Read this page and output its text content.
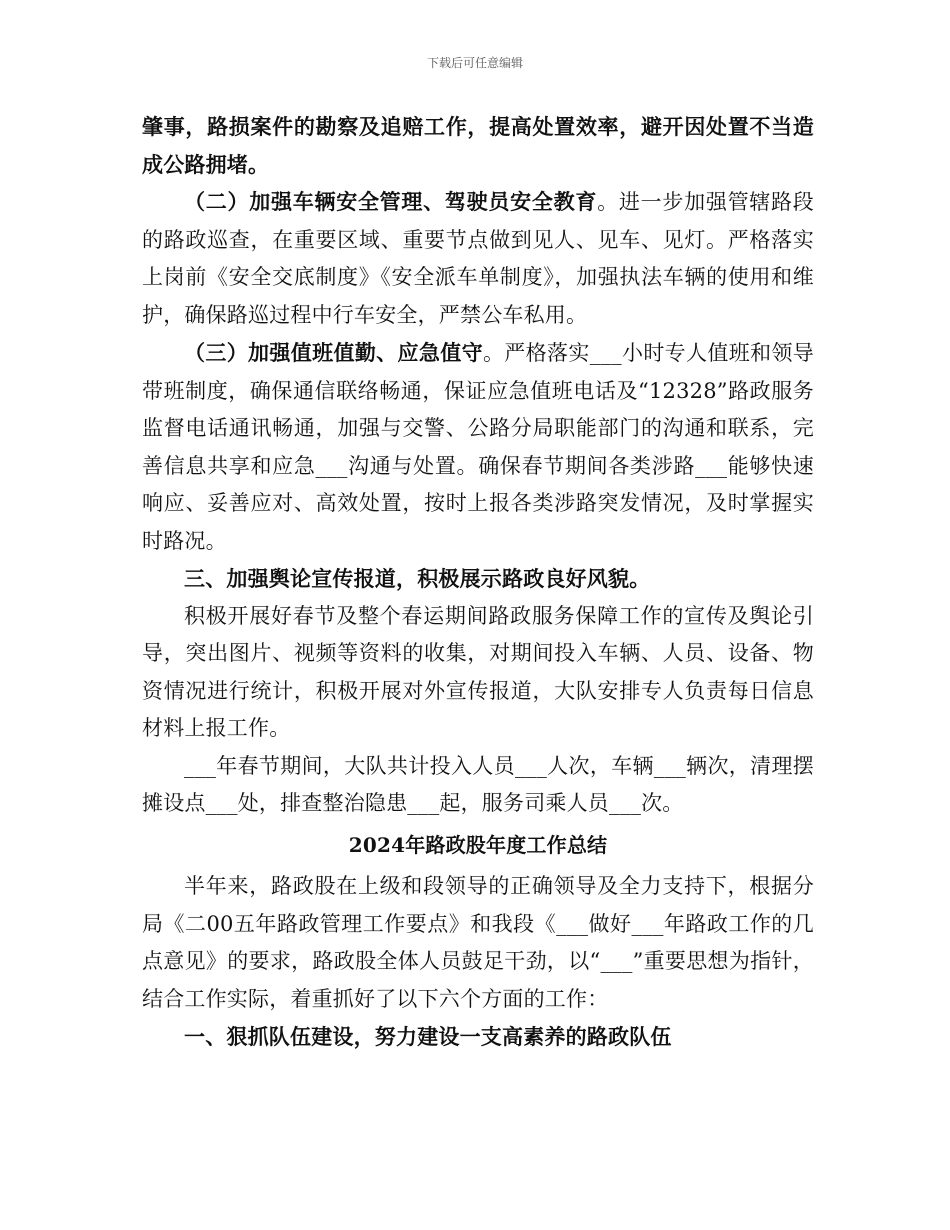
下载后可任意编辑

肇事，路损案件的勘察及追赔工作，提高处置效率，避开因处置不当造成公路拥堵。

（二）加强车辆安全管理、驾驶员安全教育。进一步加强管辖路段的路政巡查，在重要区域、重要节点做到见人、见车、见灯。严格落实上岗前《安全交底制度》《安全派车单制度》，加强执法车辆的使用和维护，确保路巡过程中行车安全，严禁公车私用。

（三）加强值班值勤、应急值守。严格落实___小时专人值班和领导带班制度，确保通信联络畅通，保证应急值班电话及“12328”路政服务监督电话通讯畅通，加强与交警、公路分局职能部门的沟通和联系，完善信息共享和应急___沟通与处置。确保春节期间各类涉路___能够快速响应、妥善应对、高效处置，按时上报各类涉路突发情况，及时掌握实时路况。

三、加强舆论宣传报道，积极展示路政良好风貌。

积极开展好春节及整个春运期间路政服务保障工作的宣传及舆论引导，突出图片、视频等资料的收集，对期间投入车辆、人员、设备、物资情况进行统计，积极开展对外宣传报道，大队安排专人负责每日信息材料上报工作。

___年春节期间，大队共计投入人员___人次，车辆___辆次，清理摆摊设点___处，排查整治隐患___起，服务司乘人员___次。

2024年路政股年度工作总结

半年来，路政股在上级和段领导的正确领导及全力支持下，根据分局《二00五年路政管理工作要点》和我段《___做好___年路政工作的几点意见》的要求，路政股全体人员鼓足干劲，以“___”重要思想为指针，结合工作实际，着重抓好了以下六个方面的工作：

一、狠抓队伍建设，努力建设一支高素养的路政队伍
